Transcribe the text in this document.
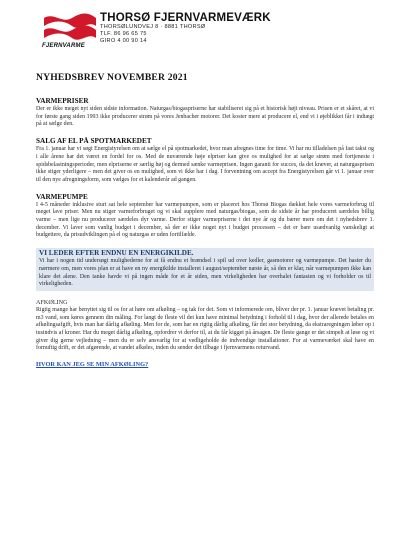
FJERNVARME
THORSØ FJERNVARMEVÆRK
THORSØLUNDVEJ 8 · 8881 THORSØ
TLF. 86 96 65 75
GIRO 4 00 90 14
NYHEDSBREV NOVEMBER 2021
VARMEPRISER

Der er ikke meget nyt siden sidste information. Naturgas/biogaspriserne har stabiliseret sig på et historisk højt niveau. Prisen er et skåret, at vi for første gang siden 1993 ikke producerer strøm på vores Jenbacher motorer. Det koster mere at producere el, end vi i øjeblikket får i indtægt på at sælge den.

SALG AF EL PÅ SPOTMARKEDET

Fra 1. januar har vi søgt Energistyrelsen om at sælge el på spotmarkedet, hvor man afregnes time for time. Vi har nu tilladelsen på fast takst og i alle årene har det været en fordel for os. Med de nuværende høje elpriser kan give os mulighed for at sælge strøm med fortjeneste i spidsbelastningsperioder, men elpriserne er særlig høj og dermed sænke varmeprisen. Ingen garanti for succes, da det kræver, at naturgasprisen ikke stiger yderligere – men det giver os en mulighed, som vi ikke har i dag. I forventning om accept fra Energistyrelsen går vi 1. januar over til den nye afregningsform, som vælges for et kalenderår ad gangen.

VARMEPUMPE

I 4-5 måneder inklusive sturt sat hele september har varmepumpen, som er placeret hos Thorsø Biogas dækket hele vores varmeforbrug til meget lave priser. Men nu stiger varmeforbruget og vi skal supplere med naturgas/biogas, som de sidste år har produceret særdeles billig varme – men lige nu producerer særdeles dyr varme. Derfor stiger varmepriserne i det nye år og du bærer mere om det i nyhedsbrev 1. december. Vi laver som vanlig budget i december, så der er ikke noget nyt i budget processen – det er bare usædvanlig vanskeligt at budgettere, da prisudviklingen på el og naturgas er uden fortilfælde.

VI LEDER EFTER ENDNU EN ENERGIKILDE.

Vi har i nogen tid undersøgt mulighederne for at få endnu et brændsel i spil ud over kedler, gasmotorer og varmepumpe. Det haster du nærmere om, men vores plan er at have en ny energikilde installeret i august/september næste år, så den er klar, når varmepumpen ikke kan klare det alene. Den tanke havde vi på ingen måde for et år siden, men virkeligheden har overhalet fantasien og vi forholder os til virkeligheden.

AFKØLING

Rigtig mange har benyttet sig til os for at høre om afkøling – og tak for det. Som vi informerede om, bliver der pr. 1. januar krævet betaling pr. m3 vand, som køres gennem din måling. For langt de fleste vil det kun have minimal betydning i forhold til i dag, hvor der allerede betales en afkølingsafgift, hvis man har dårlig afkøling. Men for de, som har en rigtig dårlig afkøling, får det stor betydning, da ekstraregningen løber op i tusindvis af kroner. Har du meget dårlig afkøling, opfordrer vi derfor til, at du får kigget på årsagen. De fleste gange er det simpelt at løse og vi giver dig gerne vejledning – men du er selv ansvarlig for at vedligeholde de indvendige installationer. For at varmeværket skal have en fornuftig drift, er det afgørende, at vandet afkøles, inden du sender det tilbage i fjernvarmens returvand.

HVOR KAN JEG SE MIN AFKØLING?
